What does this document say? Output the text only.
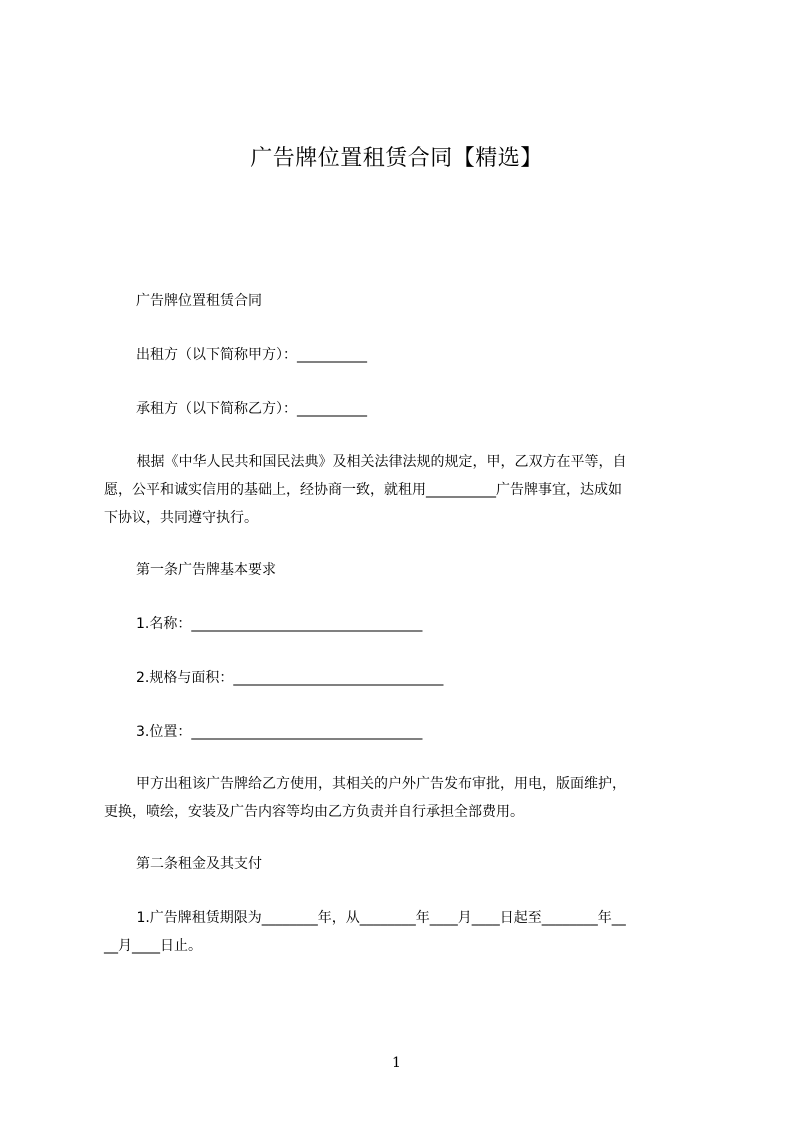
广告牌位置租赁合同【精选】
广告牌位置租赁合同
出租方（以下简称甲方）：__________
承租方（以下简称乙方）：__________
根据《中华人民共和国民法典》及相关法律法规的规定，甲，乙双方在平等，自
愿，公平和诚实信用的基础上，经协商一致，就租用__________广告牌事宜，达成如
下协议，共同遵守执行。
第一条广告牌基本要求
1.名称：_________________________________
2.规格与面积：______________________________
3.位置：_________________________________
甲方出租该广告牌给乙方使用，其相关的户外广告发布审批，用电，版面维护，
更换，喷绘，安装及广告内容等均由乙方负责并自行承担全部费用。
第二条租金及其支付
1.广告牌租赁期限为________年，从________年____月____日起至________年__
__月____日止。
1
